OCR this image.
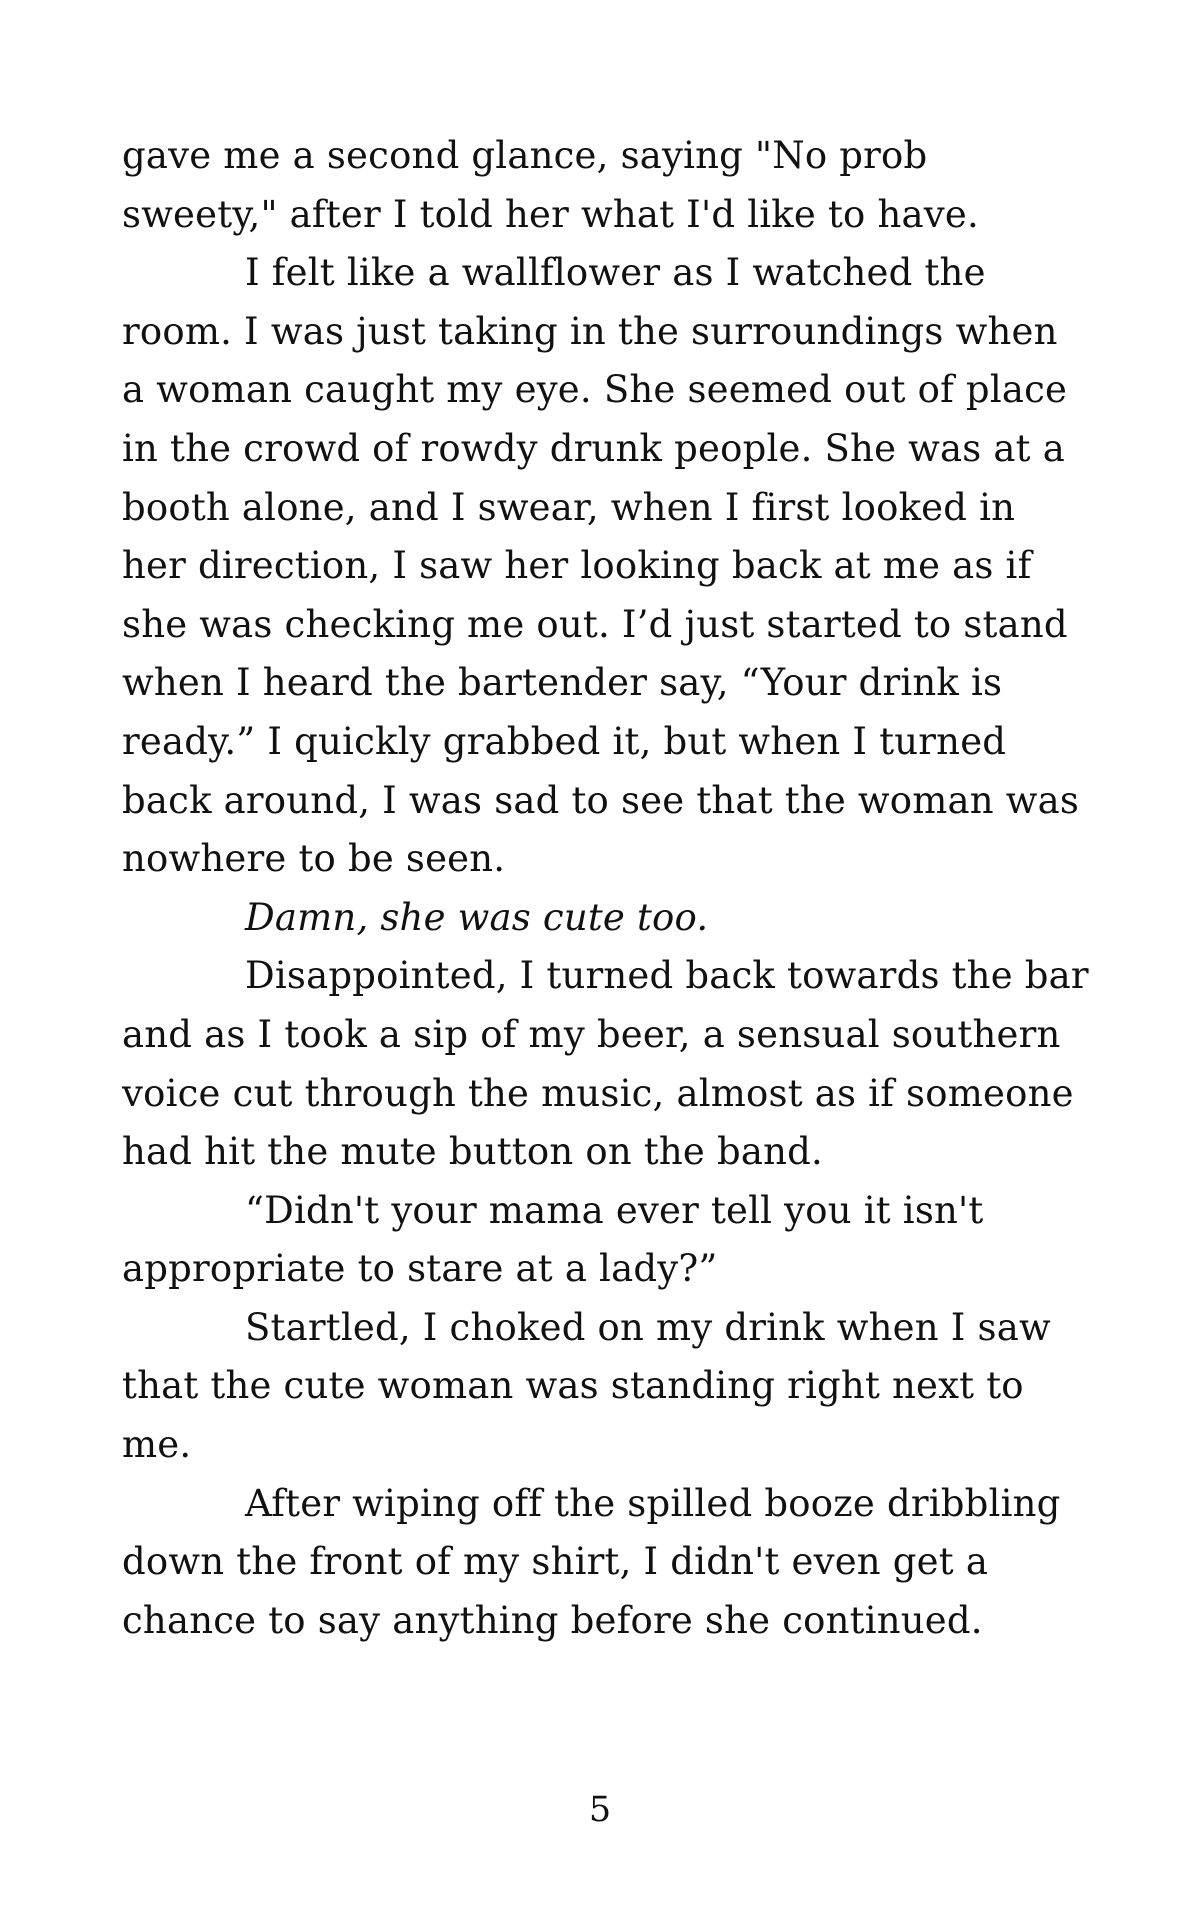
gave me a second glance, saying "No prob
sweety," after I told her what I'd like to have.
I felt like a wallflower as I watched the
room. I was just taking in the surroundings when
a woman caught my eye. She seemed out of place
in the crowd of rowdy drunk people. She was at a
booth alone, and I swear, when I first looked in
her direction, I saw her looking back at me as if
she was checking me out. I’d just started to stand
when I heard the bartender say, “Your drink is
ready.” I quickly grabbed it, but when I turned
back around, I was sad to see that the woman was
nowhere to be seen.
Damn, she was cute too.
Disappointed, I turned back towards the bar
and as I took a sip of my beer, a sensual southern
voice cut through the music, almost as if someone
had hit the mute button on the band.
“Didn't your mama ever tell you it isn't
appropriate to stare at a lady?”
Startled, I choked on my drink when I saw
that the cute woman was standing right next to
me.
After wiping off the spilled booze dribbling
down the front of my shirt, I didn't even get a
chance to say anything before she continued.
5
